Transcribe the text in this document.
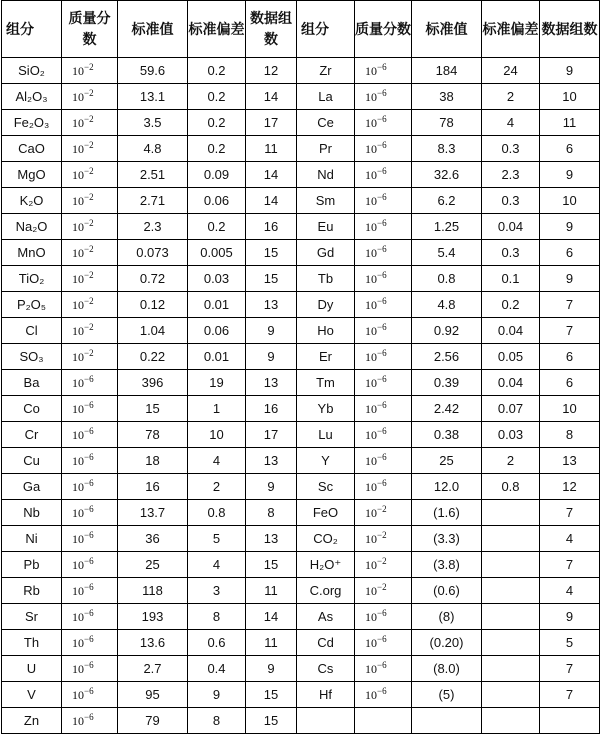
组分	质量分数	标准值	标准偏差	数据组数	组分	质量分数	标准值	标准偏差	数据组数
SiO₂	$10^{-2}$	59.6	0.2	12	Zr	$10^{-6}$	184	24	9
Al₂O₃	$10^{-2}$	13.1	0.2	14	La	$10^{-6}$	38	2	10
Fe₂O₃	$10^{-2}$	3.5	0.2	17	Ce	$10^{-6}$	78	4	11
CaO	$10^{-2}$	4.8	0.2	11	Pr	$10^{-6}$	8.3	0.3	6
MgO	$10^{-2}$	2.51	0.09	14	Nd	$10^{-6}$	32.6	2.3	9
K₂O	$10^{-2}$	2.71	0.06	14	Sm	$10^{-6}$	6.2	0.3	10
Na₂O	$10^{-2}$	2.3	0.2	16	Eu	$10^{-6}$	1.25	0.04	9
MnO	$10^{-2}$	0.073	0.005	15	Gd	$10^{-6}$	5.4	0.3	6
TiO₂	$10^{-2}$	0.72	0.03	15	Tb	$10^{-6}$	0.8	0.1	9
P₂O₅	$10^{-2}$	0.12	0.01	13	Dy	$10^{-6}$	4.8	0.2	7
Cl	$10^{-2}$	1.04	0.06	9	Ho	$10^{-6}$	0.92	0.04	7
SO₃	$10^{-2}$	0.22	0.01	9	Er	$10^{-6}$	2.56	0.05	6
Ba	$10^{-6}$	396	19	13	Tm	$10^{-6}$	0.39	0.04	6
Co	$10^{-6}$	15	1	16	Yb	$10^{-6}$	2.42	0.07	10
Cr	$10^{-6}$	78	10	17	Lu	$10^{-6}$	0.38	0.03	8
Cu	$10^{-6}$	18	4	13	Y	$10^{-6}$	25	2	13
Ga	$10^{-6}$	16	2	9	Sc	$10^{-6}$	12.0	0.8	12
Nb	$10^{-6}$	13.7	0.8	8	FeO	$10^{-2}$	(1.6)		7
Ni	$10^{-6}$	36	5	13	CO₂	$10^{-2}$	(3.3)		4
Pb	$10^{-6}$	25	4	15	H₂O⁺	$10^{-2}$	(3.8)		7
Rb	$10^{-6}$	118	3	11	C.org	$10^{-2}$	(0.6)		4
Sr	$10^{-6}$	193	8	14	As	$10^{-6}$	(8)		9
Th	$10^{-6}$	13.6	0.6	11	Cd	$10^{-6}$	(0.20)		5
U	$10^{-6}$	2.7	0.4	9	Cs	$10^{-6}$	(8.0)		7
V	$10^{-6}$	95	9	15	Hf	$10^{-6}$	(5)		7
Zn	$10^{-6}$	79	8	15					
